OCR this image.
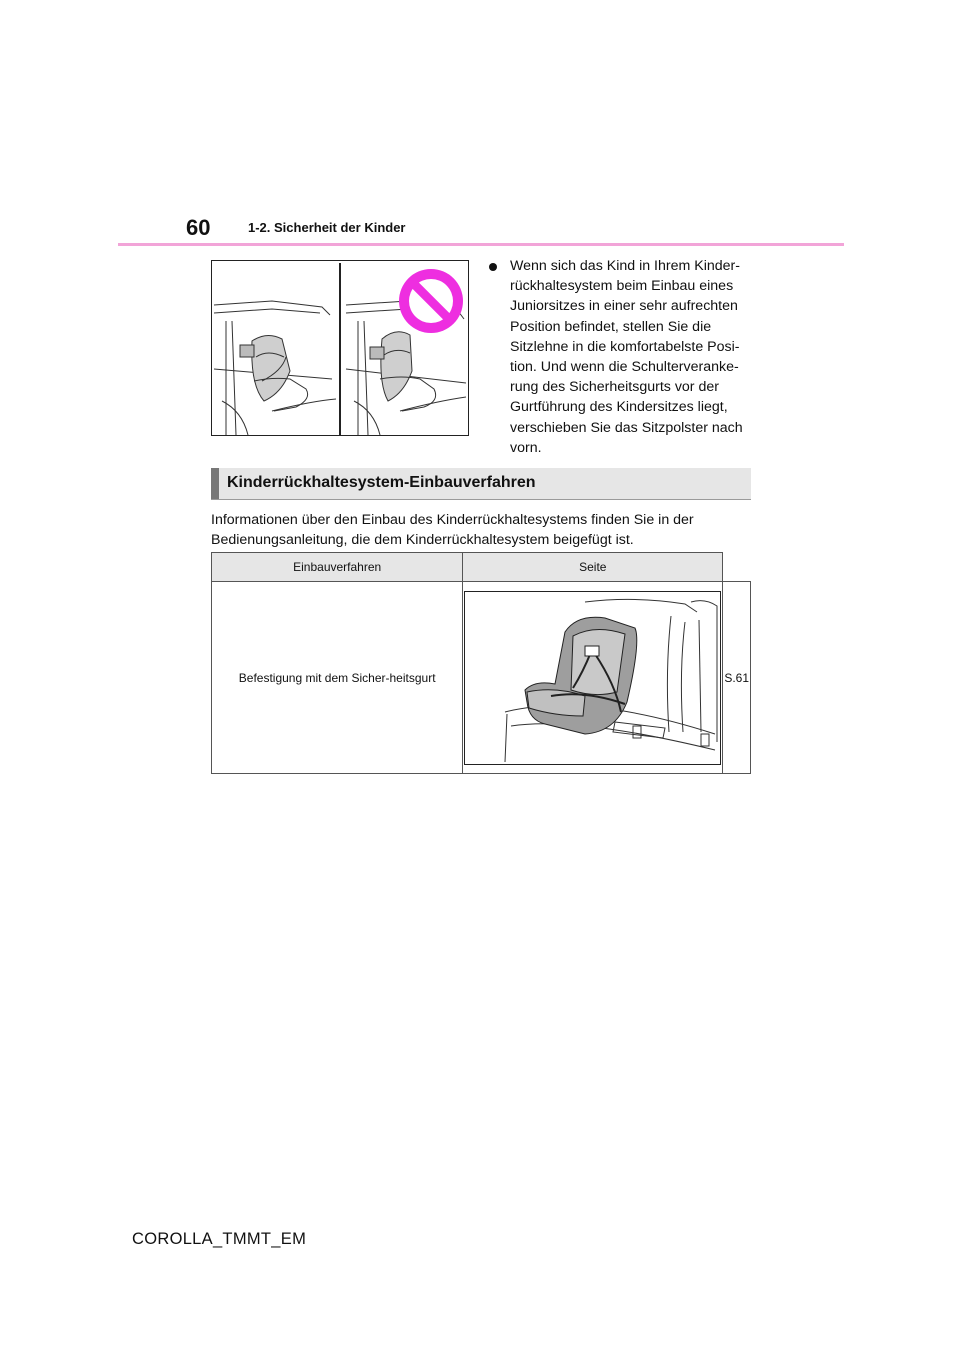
60	1-2. Sicherheit der Kinder
Wenn sich das Kind in Ihrem Kinder-rückhaltesystem beim Einbau eines Juniorsitzes in einer sehr aufrechten Position befindet, stellen Sie die Sitzlehne in die komfortabelste Posi-tion. Und wenn die Schulterveranke-rung des Sicherheitsgurts vor der Gurtführung des Kindersitzes liegt, verschieben Sie das Sitzpolster nach vorn.
Kinderrückhaltesystem-Einbauverfahren
Informationen über den Einbau des Kinderrückhaltesystems finden Sie in der Bedienungsanleitung, die dem Kinderrückhaltesystem beigefügt ist.
Einbauverfahren	Seite	

Befestigung mit dem Sicher-heitsgurt		S.61
COROLLA_TMMT_EM
